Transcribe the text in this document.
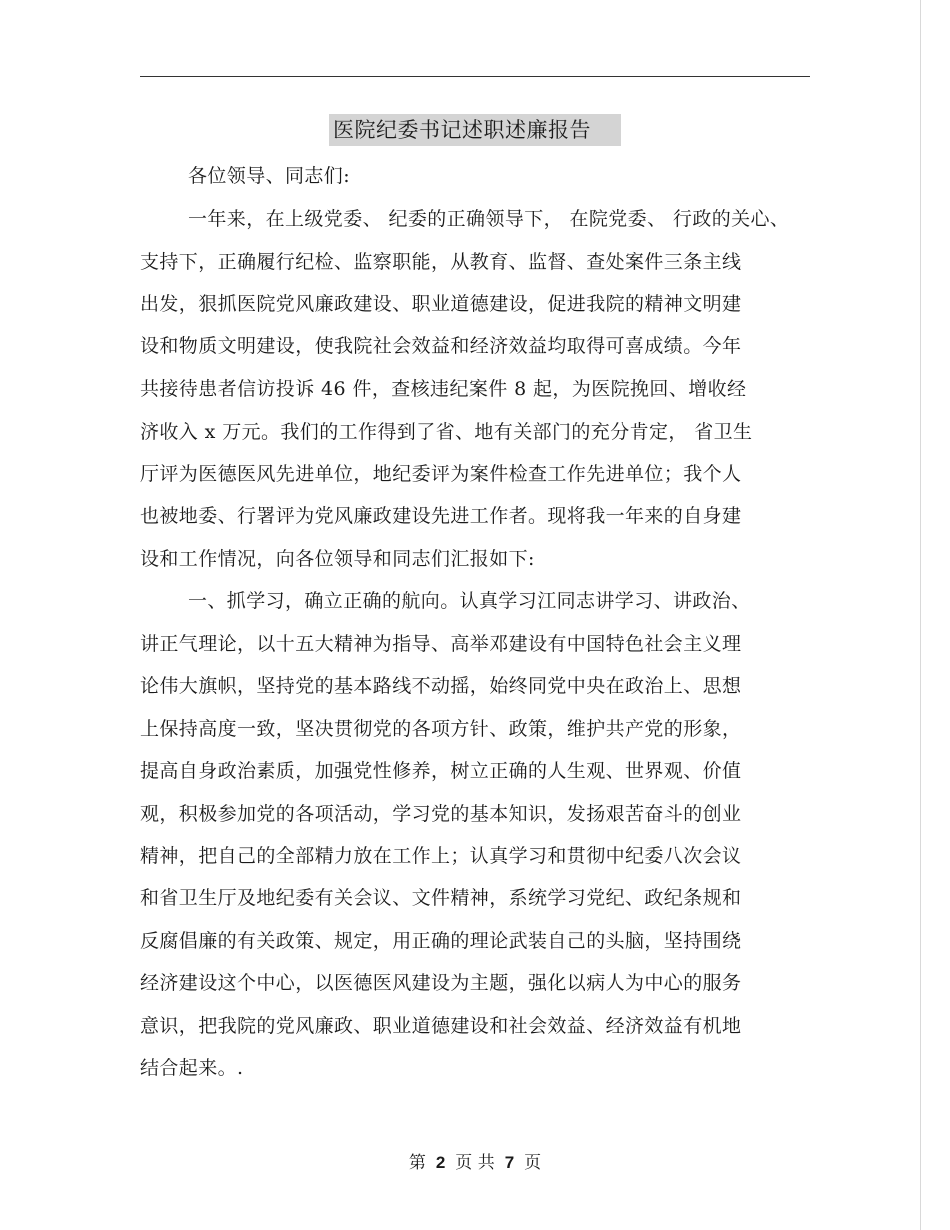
医院纪委书记述职述廉报告
各位领导、同志们:
一年来，在上级党委、 纪委的正确领导下， 在院党委、 行政的关心、
支持下，正确履行纪检、监察职能，从教育、监督、查处案件三条主线
出发，狠抓医院党风廉政建设、职业道德建设，促进我院的精神文明建
设和物质文明建设，使我院社会效益和经济效益均取得可喜成绩。今年
共接待患者信访投诉 46 件，查核违纪案件 8 起，为医院挽回、增收经
济收入 x 万元。我们的工作得到了省、地有关部门的充分肯定， 省卫生
厅评为医德医风先进单位，地纪委评为案件检查工作先进单位；我个人
也被地委、行署评为党风廉政建设先进工作者。现将我一年来的自身建
设和工作情况，向各位领导和同志们汇报如下:
一、抓学习，确立正确的航向。认真学习江同志讲学习、讲政治、
讲正气理论，以十五大精神为指导、高举邓建设有中国特色社会主义理
论伟大旗帜，坚持党的基本路线不动摇，始终同党中央在政治上、思想
上保持高度一致，坚决贯彻党的各项方针、政策，维护共产党的形象，
提高自身政治素质，加强党性修养，树立正确的人生观、世界观、价值
观，积极参加党的各项活动，学习党的基本知识，发扬艰苦奋斗的创业
精神，把自己的全部精力放在工作上；认真学习和贯彻中纪委八次会议
和省卫生厅及地纪委有关会议、文件精神，系统学习党纪、政纪条规和
反腐倡廉的有关政策、规定，用正确的理论武装自己的头脑，坚持围绕
经济建设这个中心，以医德医风建设为主题，强化以病人为中心的服务
意识，把我院的党风廉政、职业道德建设和社会效益、经济效益有机地
结合起来。.
第 2 页 共 7 页
